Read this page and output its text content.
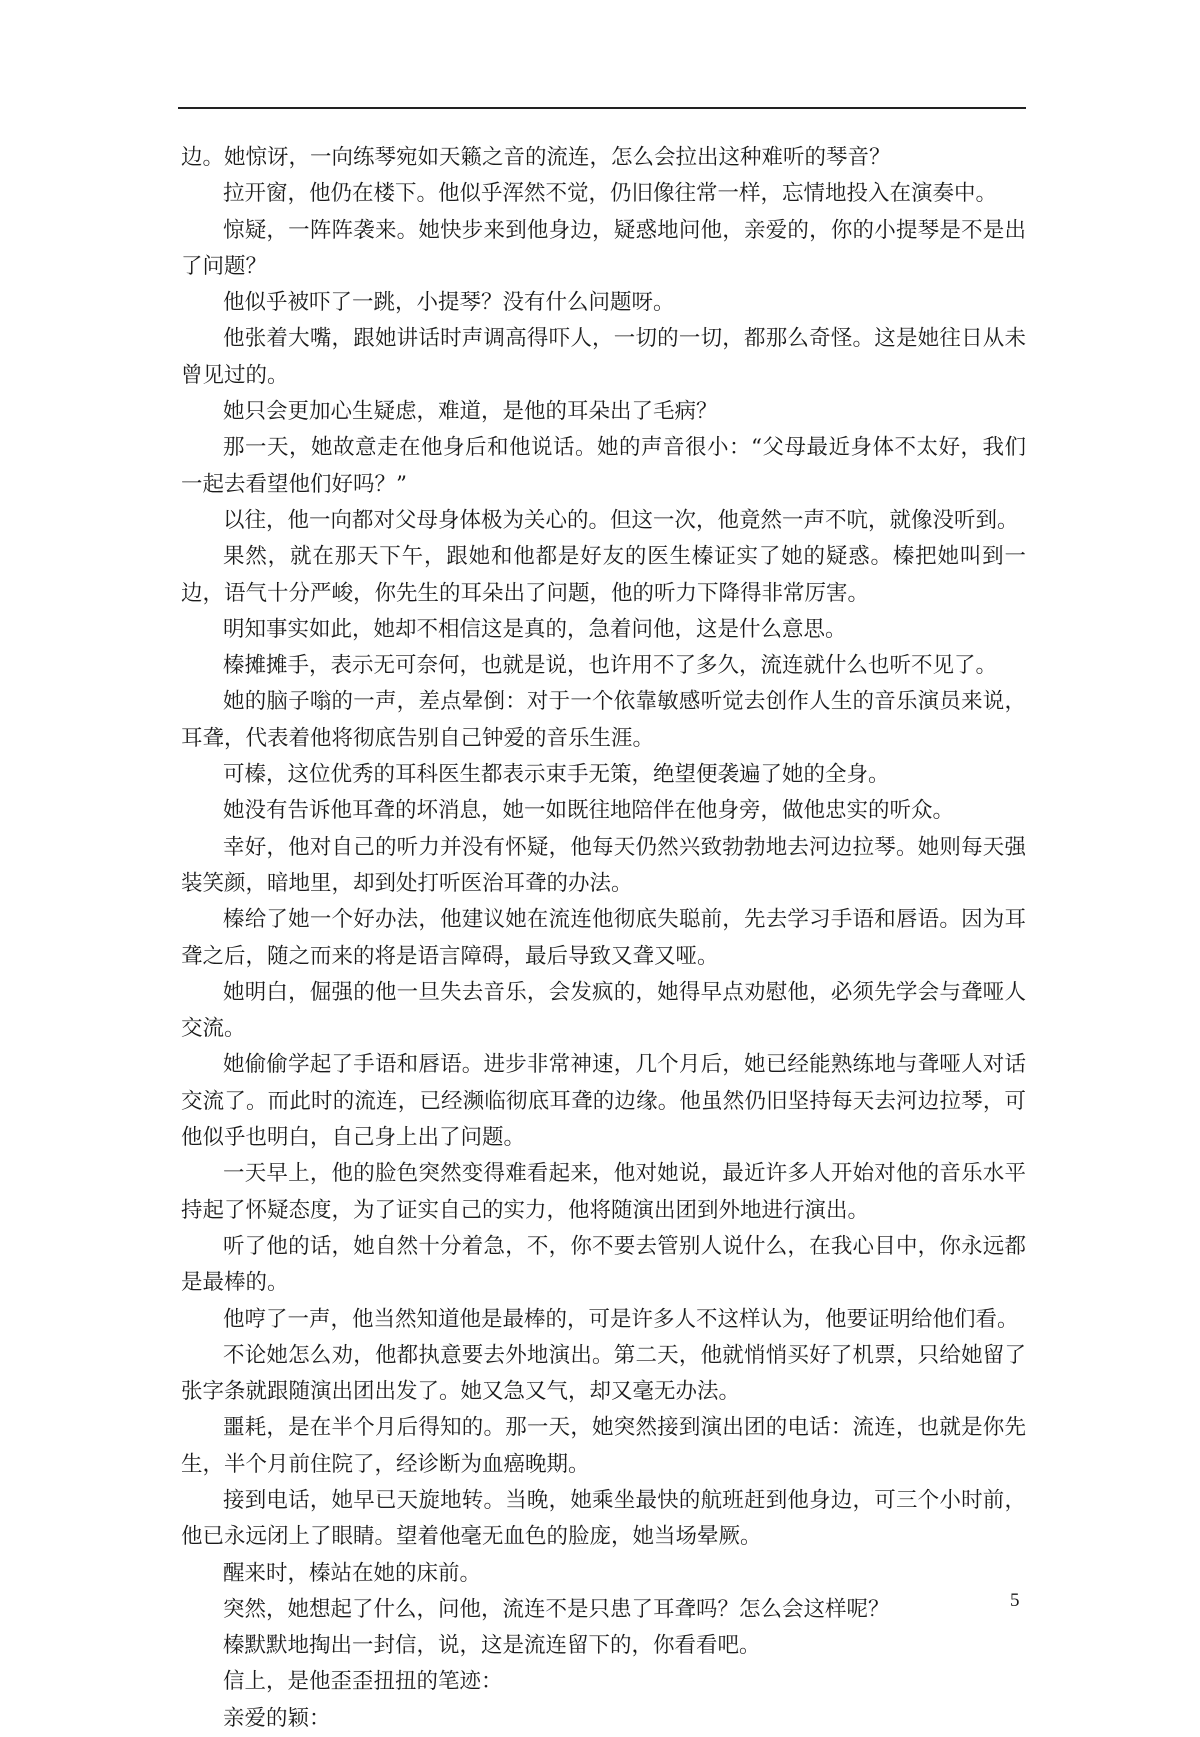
边。她惊讶，一向练琴宛如天籁之音的流连，怎么会拉出这种难听的琴音？

拉开窗，他仍在楼下。他似乎浑然不觉，仍旧像往常一样，忘情地投入在演奏中。

惊疑，一阵阵袭来。她快步来到他身边，疑惑地问他，亲爱的，你的小提琴是不是出了问题？

他似乎被吓了一跳，小提琴？没有什么问题呀。

他张着大嘴，跟她讲话时声调高得吓人，一切的一切，都那么奇怪。这是她往日从未曾见过的。

她只会更加心生疑虑，难道，是他的耳朵出了毛病？

那一天，她故意走在他身后和他说话。她的声音很小：“父母最近身体不太好，我们一起去看望他们好吗？”

以往，他一向都对父母身体极为关心的。但这一次，他竟然一声不吭，就像没听到。

果然，就在那天下午，跟她和他都是好友的医生榛证实了她的疑惑。榛把她叫到一边，语气十分严峻，你先生的耳朵出了问题，他的听力下降得非常厉害。

明知事实如此，她却不相信这是真的，急着问他，这是什么意思。

榛摊摊手，表示无可奈何，也就是说，也许用不了多久，流连就什么也听不见了。

她的脑子嗡的一声，差点晕倒：对于一个依靠敏感听觉去创作人生的音乐演员来说，耳聋，代表着他将彻底告别自己钟爱的音乐生涯。

可榛，这位优秀的耳科医生都表示束手无策，绝望便袭遍了她的全身。

她没有告诉他耳聋的坏消息，她一如既往地陪伴在他身旁，做他忠实的听众。

幸好，他对自己的听力并没有怀疑，他每天仍然兴致勃勃地去河边拉琴。她则每天强装笑颜，暗地里，却到处打听医治耳聋的办法。

榛给了她一个好办法，他建议她在流连他彻底失聪前，先去学习手语和唇语。因为耳聋之后，随之而来的将是语言障碍，最后导致又聋又哑。

她明白，倔强的他一旦失去音乐，会发疯的，她得早点劝慰他，必须先学会与聋哑人交流。

她偷偷学起了手语和唇语。进步非常神速，几个月后，她已经能熟练地与聋哑人对话交流了。而此时的流连，已经濒临彻底耳聋的边缘。他虽然仍旧坚持每天去河边拉琴，可他似乎也明白，自己身上出了问题。

一天早上，他的脸色突然变得难看起来，他对她说，最近许多人开始对他的音乐水平持起了怀疑态度，为了证实自己的实力，他将随演出团到外地进行演出。

听了他的话，她自然十分着急，不，你不要去管别人说什么，在我心目中，你永远都是最棒的。

他哼了一声，他当然知道他是最棒的，可是许多人不这样认为，他要证明给他们看。

不论她怎么劝，他都执意要去外地演出。第二天，他就悄悄买好了机票，只给她留了张字条就跟随演出团出发了。她又急又气，却又毫无办法。

噩耗，是在半个月后得知的。那一天，她突然接到演出团的电话：流连，也就是你先生，半个月前住院了，经诊断为血癌晚期。

接到电话，她早已天旋地转。当晚，她乘坐最快的航班赶到他身边，可三个小时前，他已永远闭上了眼睛。望着他毫无血色的脸庞，她当场晕厥。

醒来时，榛站在她的床前。

突然，她想起了什么，问他，流连不是只患了耳聋吗？怎么会这样呢？

榛默默地掏出一封信，说，这是流连留下的，你看看吧。

信上，是他歪歪扭扭的笔迹：

亲爱的颖：

5
